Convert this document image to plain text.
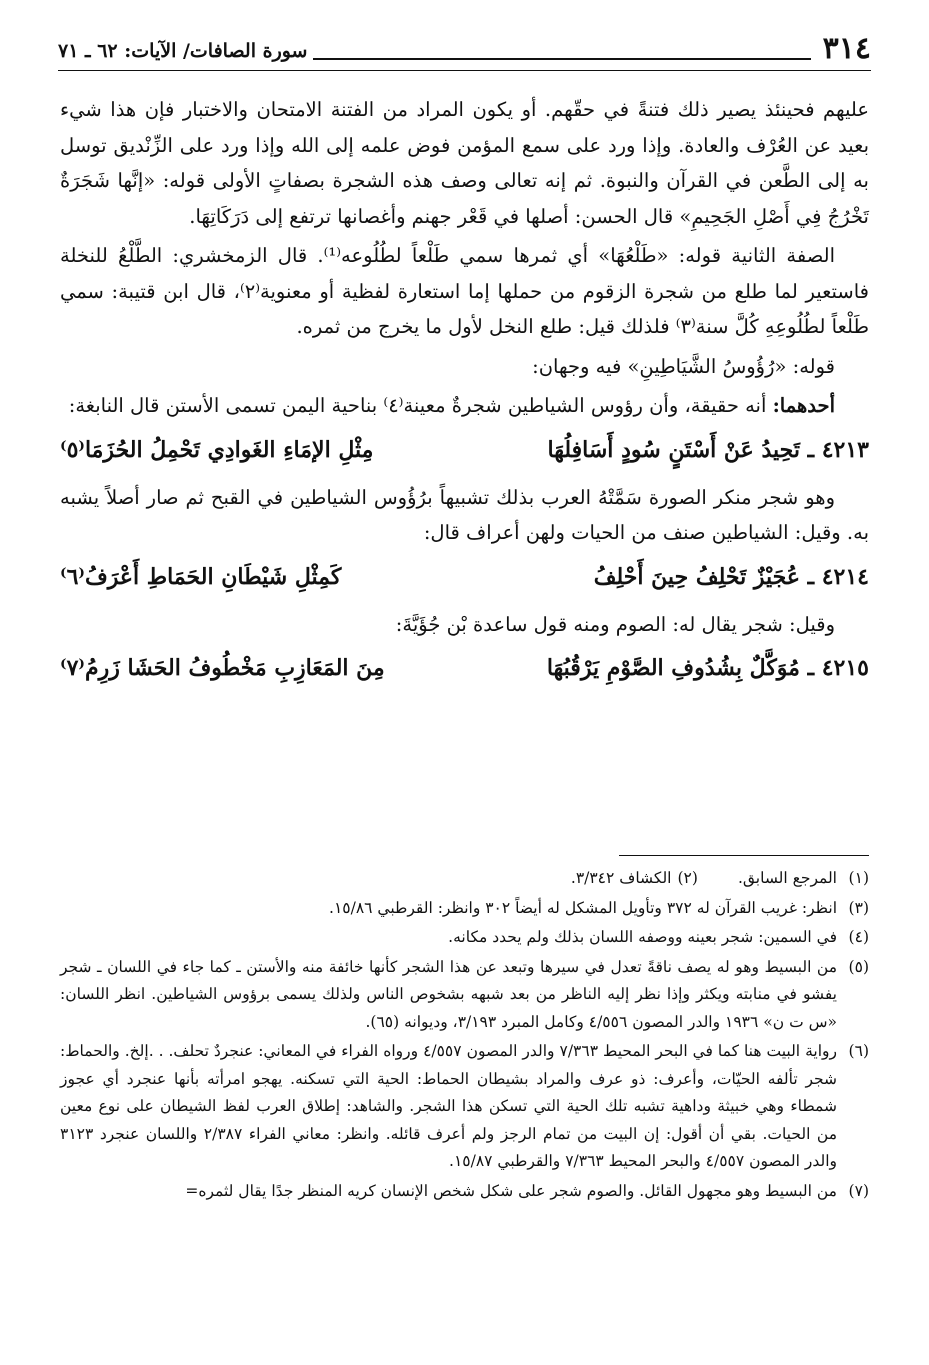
٣١٤
سورة الصافات/ الآيات: ٦٢ ـ ٧١

عليهم فحينئذ يصير ذلك فتنةً في حقّهم. أو يكون المراد من الفتنة الامتحان والاختبار فإن هذا شيء بعيد عن العُرْف والعادة. وإذا ورد على سمع المؤمن فوض علمه إلى الله وإذا ورد على الزِّنْديق توسل به إلى الطَّعن في القرآن والنبوة. ثم إنه تعالى وصف هذه الشجرة بصفاتٍ الأولى قوله: «إنَّها شَجَرَةٌ تَخْرُجُ فِي أَصْلِ الجَحِيمِ» قال الحسن: أصلها في قَعْر جهنم وأغصانها ترتفع إلى دَرَكَاتِهَا.

الصفة الثانية قوله: «طَلْعُهَا» أي ثمرها سمي طَلْعاً لطُلُوعه⁽¹⁾. قال الزمخشري: الطَّلْعُ للنخلة فاستعير لما طلع من شجرة الزقوم من حملها إما استعارة لفظية أو معنوية⁽٢⁾، قال ابن قتيبة: سمي طَلْعاً لطُلُوعِهِ كُلَّ سنة⁽٣⁾ فلذلك قيل: طلع النخل لأول ما يخرج من ثمره.

قوله: «رُؤُوسُ الشَّيَاطِينِ» فيه وجهان:

أحدهما: أنه حقيقة، وأن رؤوس الشياطين شجرةٌ معينة⁽٤⁾ بناحية اليمن تسمى الأستن قال النابغة:

٤٢١٣ ـ تَحِيدُ عَنْ أَسْتَنٍ سُودٍ أَسَافِلُهَا
مِثْلِ الإمَاءِ الغَوادِي تَحْمِلُ الحُزَمَا⁽٥⁾

وهو شجر منكر الصورة سَمَّتْهُ العرب بذلك تشبيهاً برُؤُوس الشياطين في القبح ثم صار أصلاً يشبه به. وقيل: الشياطين صنف من الحيات ولهن أعراف قال:

٤٢١٤ ـ عُجَيْزٌ تَحْلِفُ حِينَ أَحْلِفُ
كَمِثْلِ شَيْطَانِ الحَمَاطِ أَعْرَفُ⁽٦⁾

وقيل: شجر يقال له: الصوم ومنه قول ساعدة بْن جُؤَيَّةَ:

٤٢١٥ ـ مُوَكَّلٌ بِشُدُوفِ الصَّوْمِ يَرْقُبُهَا
مِنَ المَعَازِبِ مَخْطُوفُ الحَشَا زَرِمُ⁽٧⁾
(١)
المرجع السابق.
(٢)
الكشاف ٣/٣٤٢.
(٣)
انظر: غريب القرآن له ٣٧٢ وتأويل المشكل له أيضاً ٣٠٢ وانظر: القرطبي ١٥/٨٦.
(٤)
في السمين: شجر بعينه ووصفه اللسان بذلك ولم يحدد مكانه.
(٥)
من البسيط وهو له يصف ناقةً تعدل في سيرها وتبعد عن هذا الشجر كأنها خائفة منه والأستن ـ كما جاء في اللسان ـ شجر يفشو في منابته ويكثر وإذا نظر إليه الناظر من بعد شبهه بشخوص الناس ولذلك يسمى برؤوس الشياطين. انظر اللسان: «س ت ن» ١٩٣٦ والدر المصون ٤/٥٥٦ وكامل المبرد ٣/١٩٣، وديوانه (٦٥).
(٦)
رواية البيت هنا كما في البحر المحيط ٧/٣٦٣ والدر المصون ٤/٥٥٧ ورواه الفراء في المعاني: عنجردٌ تحلف. . .إلخ. والحماط: شجر تألفه الحيّات، وأعرف: ذو عرف والمراد بشيطان الحماط: الحية التي تسكنه. يهجو امرأته بأنها عنجرد أي عجوز شمطاء وهي خبيثة وداهية تشبه تلك الحية التي تسكن هذا الشجر. والشاهد: إطلاق العرب لفظ الشيطان على نوع معين من الحيات. بقي أن أقول: إن البيت من تمام الرجز ولم أعرف قائله. وانظر: معاني الفراء ٢/٣٨٧ واللسان عنجرد ٣١٢٣ والدر المصون ٤/٥٥٧ والبحر المحيط ٧/٣٦٣ والقرطبي ١٥/٨٧.
(٧)
من البسيط وهو مجهول القائل. والصوم شجر على شكل شخص الإنسان كريه المنظر جدًا يقال لثمره=
